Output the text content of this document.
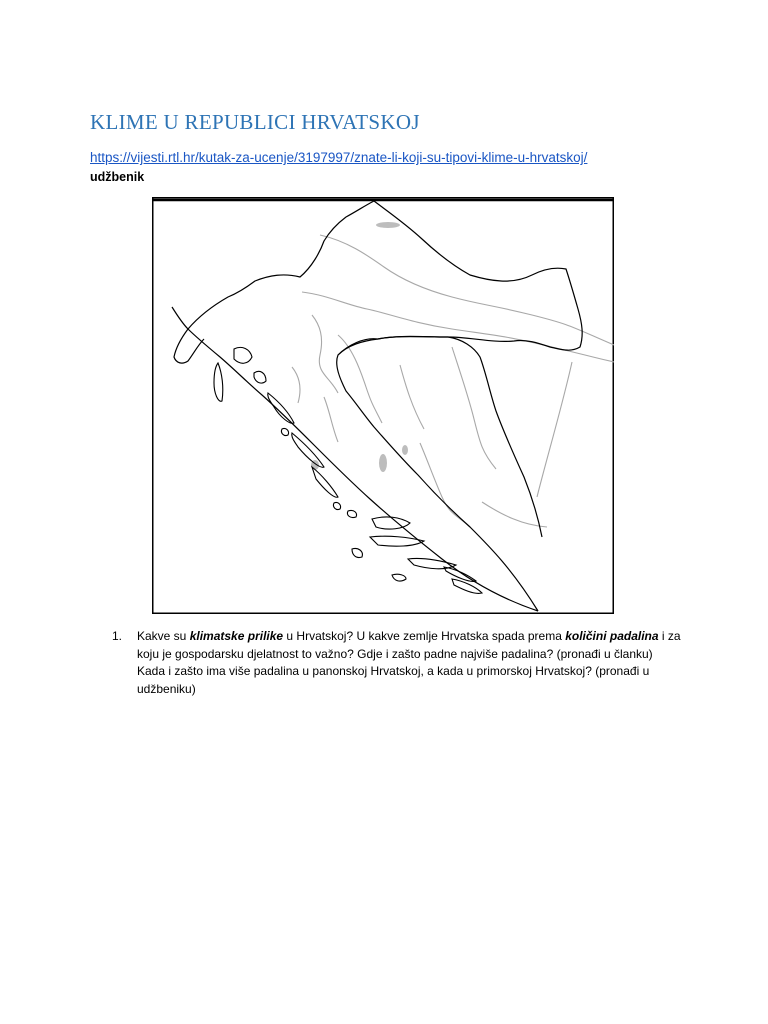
KLIME U REPUBLICI HRVATSKOJ
https://vijesti.rtl.hr/kutak-za-ucenje/3197997/znate-li-koji-su-tipovi-klime-u-hrvatskoj/
udžbenik
1. Kakve su klimatske prilike u Hrvatskoj? U kakve zemlje Hrvatska spada prema količini padalina i za koju je gospodarsku djelatnost to važno? Gdje i zašto padne najviše padalina? (pronađi u članku)

Kada i zašto ima više padalina u panonskoj Hrvatskoj, a kada u primorskoj Hrvatskoj? (pronađi u udžbeniku)
